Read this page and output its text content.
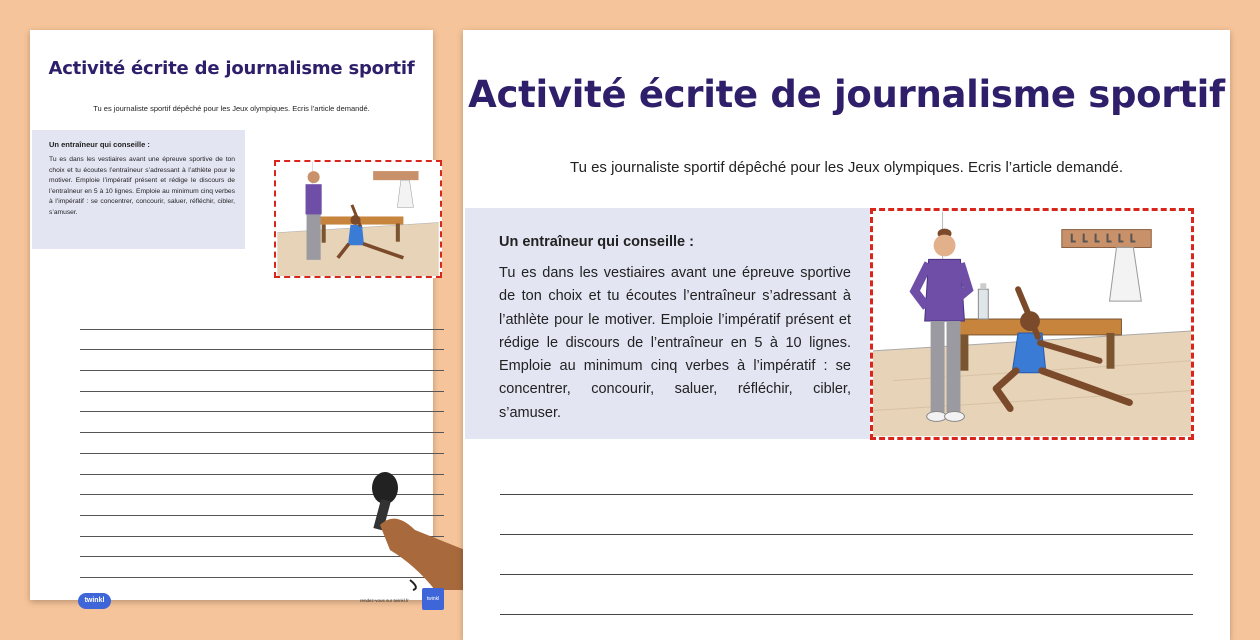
Activité écrite de journalisme sportif
Tu es journaliste sportif dépêché pour les Jeux olympiques. Ecris l’article demandé.
Un entraîneur qui conseille :
Tu es dans les vestiaires avant une épreuve sportive de ton choix et tu écoutes l’entraîneur s’adressant à l’athlète pour le motiver. Emploie l’impératif présent et rédige le discours de l’entraîneur en 5 à 10 lignes. Emploie au minimum cinq verbes à l’impératif : se concentrer, concourir, saluer, réfléchir, cibler, s’amuser.
twinkl	rendez-vous sur twinkl.fr	twinkl
Activité écrite de journalisme sportif
Tu es journaliste sportif dépêché pour les Jeux olympiques. Ecris l’article demandé.
Un entraîneur qui conseille :
Tu es dans les vestiaires avant une épreuve sportive de ton choix et tu écoutes l’entraîneur s’adressant à l’athlète pour le motiver. Emploie l’impératif présent et rédige le discours de l’entraîneur en 5 à 10 lignes. Emploie au minimum cinq verbes à l’impératif : se concentrer, concourir, saluer, réfléchir, cibler, s’amuser.
